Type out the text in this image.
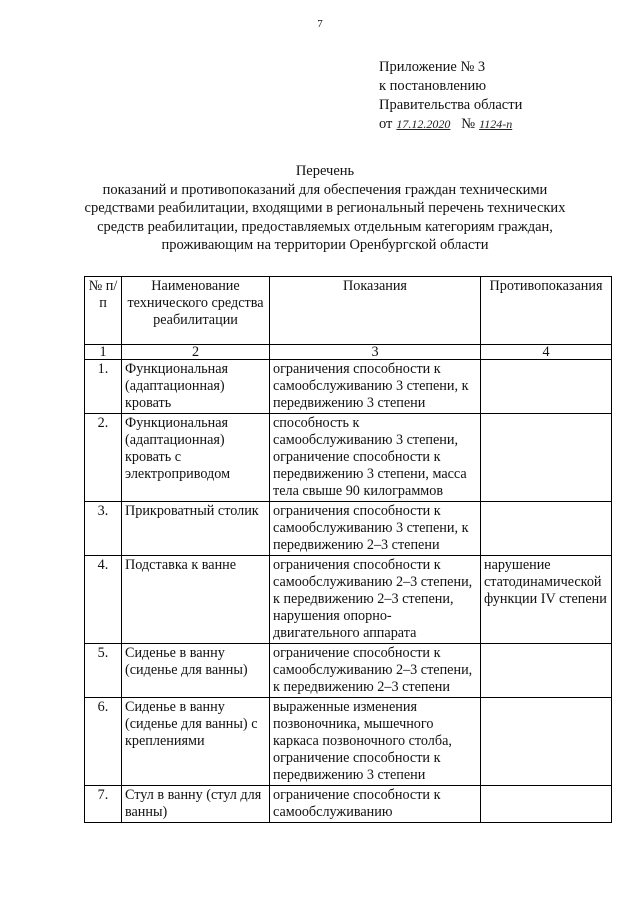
7
Приложение № 3
к постановлению
Правительства области
от 17.12.2020 № 1124-п
Перечень
показаний и противопоказаний для обеспечения граждан техническими
средствами реабилитации, входящими в региональный перечень технических
средств реабилитации, предоставляемых отдельным категориям граждан,
проживающим на территории Оренбургской области
№ п/п	Наименование технического средства реабилитации	Показания	Противопоказания
1	2	3	4
1.	Функциональная (адаптационная) кровать	ограничения способности к самообслуживанию 3 степени, к передвижению 3 степени	
2.	Функциональная (адаптационная) кровать с электроприводом	способность к самообслуживанию 3 степени, ограничение способности к передвижению 3 степени, масса тела свыше 90 килограммов	
3.	Прикроватный столик	ограничения способности к самообслуживанию 3 степени, к передвижению 2–3 степени	
4.	Подставка к ванне	ограничения способности к самообслуживанию 2–3 степени, к передвижению 2–3 степени, нарушения опорно-двигательного аппарата	нарушение статодинамической функции IV степени
5.	Сиденье в ванну (сиденье для ванны)	ограничение способности к самообслуживанию 2–3 степени, к передвижению 2–3 степени	
6.	Сиденье в ванну (сиденье для ванны) с креплениями	выраженные изменения позвоночника, мышечного каркаса позвоночного столба, ограничение способности к передвижению 3 степени	
7.	Стул в ванну (стул для ванны)	ограничение способности к самообслуживанию	
